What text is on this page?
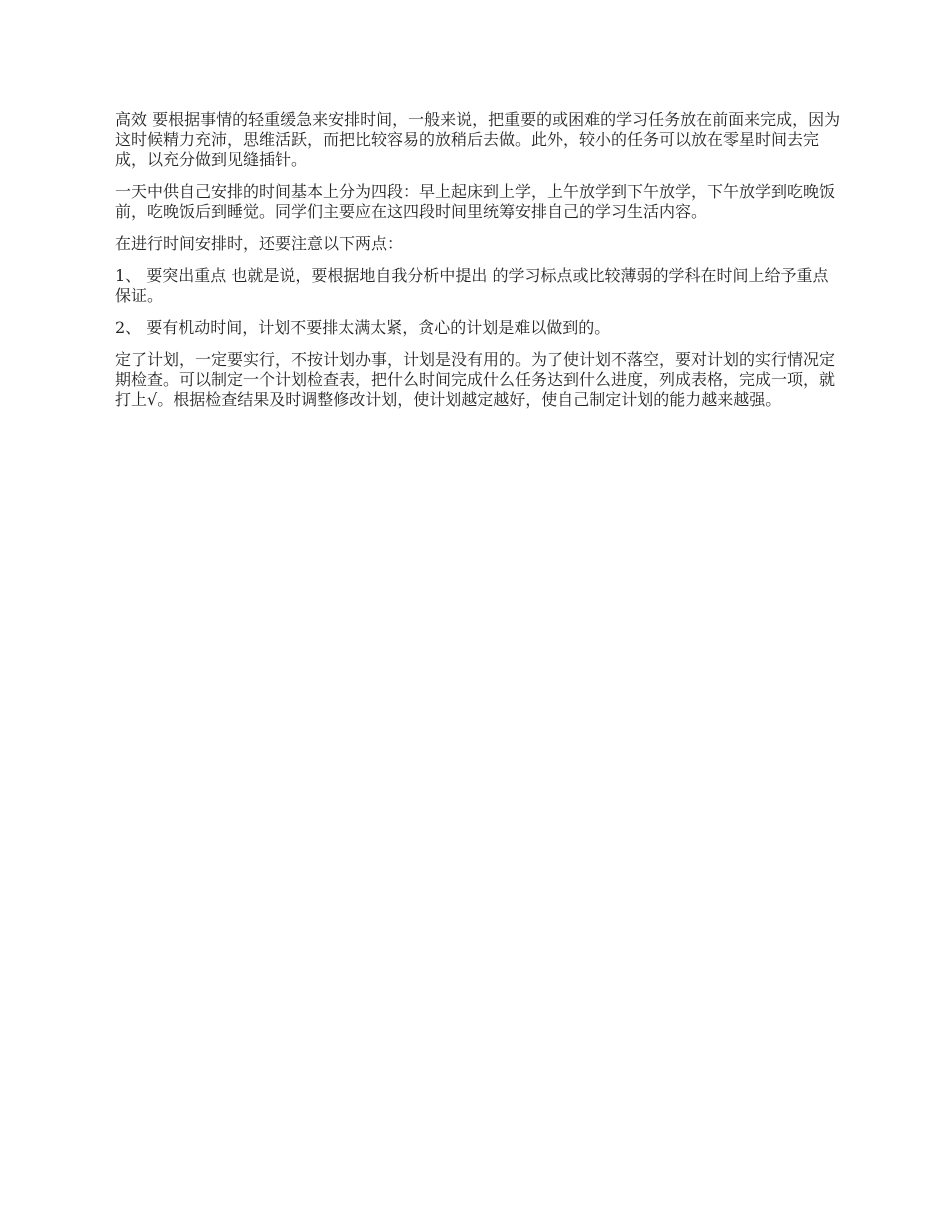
高效 要根据事情的轻重缓急来安排时间，一般来说，把重要的或困难的学习任务放在前面来完成，因为这时候精力充沛，思维活跃，而把比较容易的放稍后去做。此外，较小的任务可以放在零星时间去完成，以充分做到见缝插针。

一天中供自己安排的时间基本上分为四段：早上起床到上学，上午放学到下午放学，下午放学到吃晚饭前，吃晚饭后到睡觉。同学们主要应在这四段时间里统筹安排自己的学习生活内容。

在进行时间安排时，还要注意以下两点：

1、 要突出重点 也就是说，要根据地自我分析中提出 的学习标点或比较薄弱的学科在时间上给予重点保证。

2、 要有机动时间，计划不要排太满太紧，贪心的计划是难以做到的。

定了计划，一定要实行，不按计划办事，计划是没有用的。为了使计划不落空，要对计划的实行情况定期检查。可以制定一个计划检查表，把什么时间完成什么任务达到什么进度，列成表格，完成一项，就打上√。根据检查结果及时调整修改计划，使计划越定越好，使自己制定计划的能力越来越强。
